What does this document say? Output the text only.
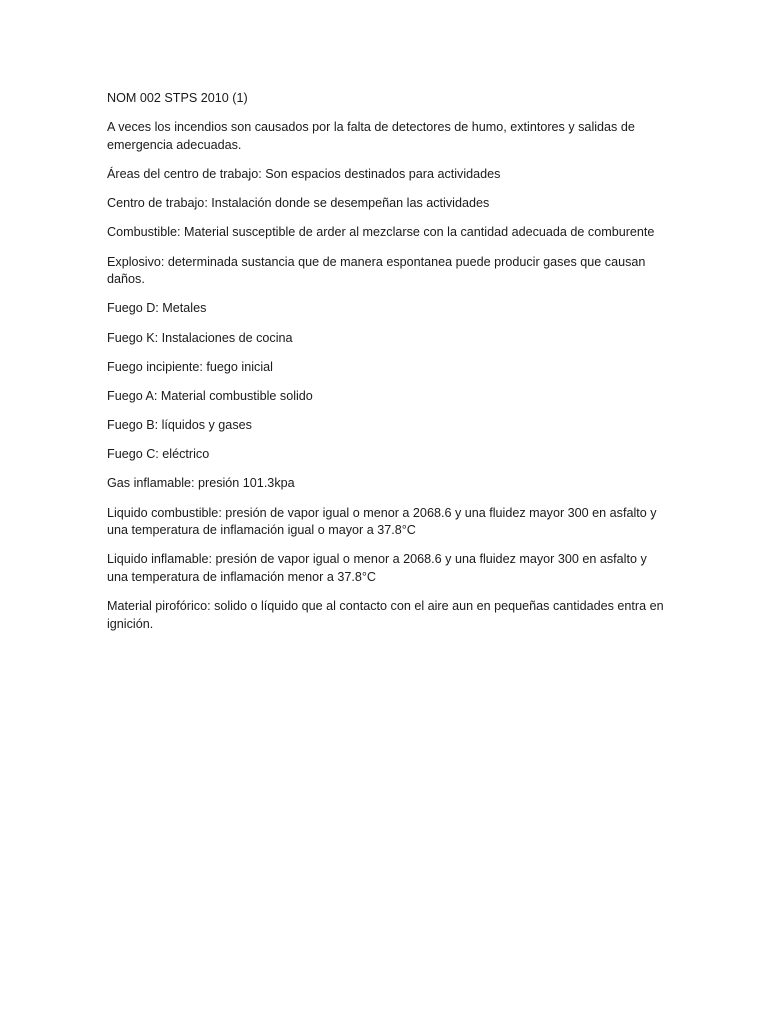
NOM 002 STPS 2010 (1)

A veces los incendios son causados por la falta de detectores de humo, extintores y salidas de emergencia adecuadas.

Áreas del centro de trabajo: Son espacios destinados para actividades

Centro de trabajo: Instalación donde se desempeñan las actividades

Combustible: Material susceptible de arder al mezclarse con la cantidad adecuada de comburente

Explosivo: determinada sustancia que de manera espontanea puede producir gases que causan daños.

Fuego D: Metales

Fuego K: Instalaciones de cocina

Fuego incipiente: fuego inicial

Fuego A: Material combustible solido

Fuego B: líquidos y gases

Fuego C: eléctrico

Gas inflamable: presión 101.3kpa

Liquido combustible: presión de vapor igual o menor a 2068.6 y una fluidez mayor 300 en asfalto y una temperatura de inflamación igual o mayor a 37.8°C

Liquido inflamable: presión de vapor igual o menor a 2068.6 y una fluidez mayor 300 en asfalto y una temperatura de inflamación menor a 37.8°C

Material pirofórico: solido o líquido que al contacto con el aire aun en pequeñas cantidades entra en ignición.
